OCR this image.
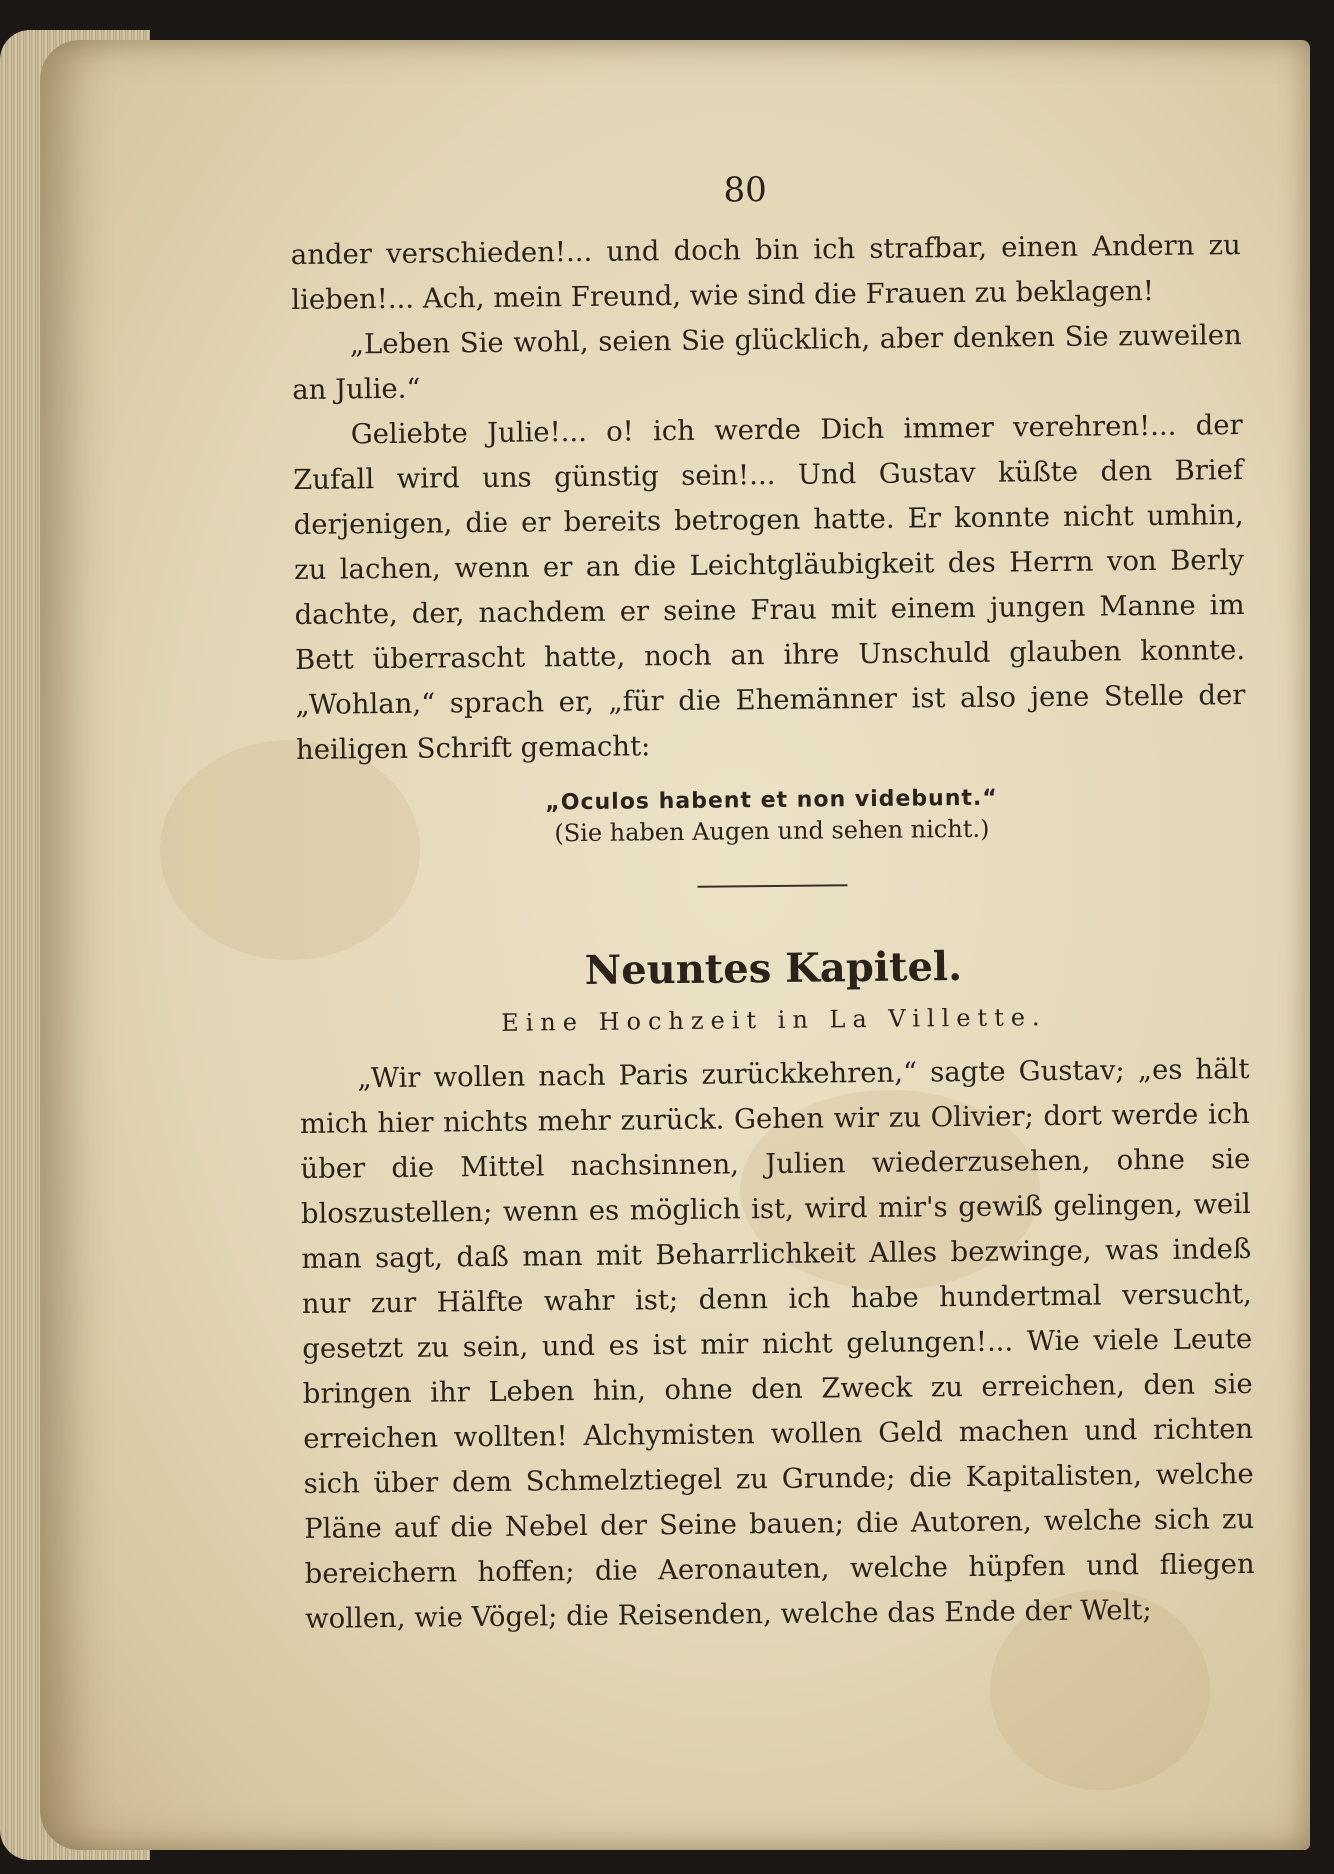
80

ander verschieden!... und doch bin ich strafbar, einen Andern zu lieben!... Ach, mein Freund, wie sind die Frauen zu beklagen!

„Leben Sie wohl, seien Sie glücklich, aber denken Sie zuweilen an Julie.“

Geliebte Julie!... o! ich werde Dich immer verehren!... der Zufall wird uns günstig sein!... Und Gustav küßte den Brief derjenigen, die er bereits betrogen hatte. Er konnte nicht umhin, zu lachen, wenn er an die Leichtgläubigkeit des Herrn von Berly dachte, der, nachdem er seine Frau mit einem jungen Manne im Bett überrascht hatte, noch an ihre Unschuld glauben konnte. „Wohlan,“ sprach er, „für die Ehemänner ist also jene Stelle der heiligen Schrift gemacht:

„Oculos habent et non videbunt.“
(Sie haben Augen und sehen nicht.)
Neuntes Kapitel.
Eine Hochzeit in La Villette.

„Wir wollen nach Paris zurückkehren,“ sagte Gustav; „es hält mich hier nichts mehr zurück. Gehen wir zu Olivier; dort werde ich über die Mittel nachsinnen, Julien wiederzusehen, ohne sie bloszustellen; wenn es möglich ist, wird mir's gewiß gelingen, weil man sagt, daß man mit Beharrlichkeit Alles bezwinge, was indeß nur zur Hälfte wahr ist; denn ich habe hundertmal versucht, gesetzt zu sein, und es ist mir nicht gelungen!... Wie viele Leute bringen ihr Leben hin, ohne den Zweck zu erreichen, den sie erreichen wollten! Alchymisten wollen Geld machen und richten sich über dem Schmelztiegel zu Grunde; die Kapitalisten, welche Pläne auf die Nebel der Seine bauen; die Autoren, welche sich zu bereichern hoffen; die Aeronauten, welche hüpfen und fliegen wollen, wie Vögel; die Reisenden, welche das Ende der Welt;
